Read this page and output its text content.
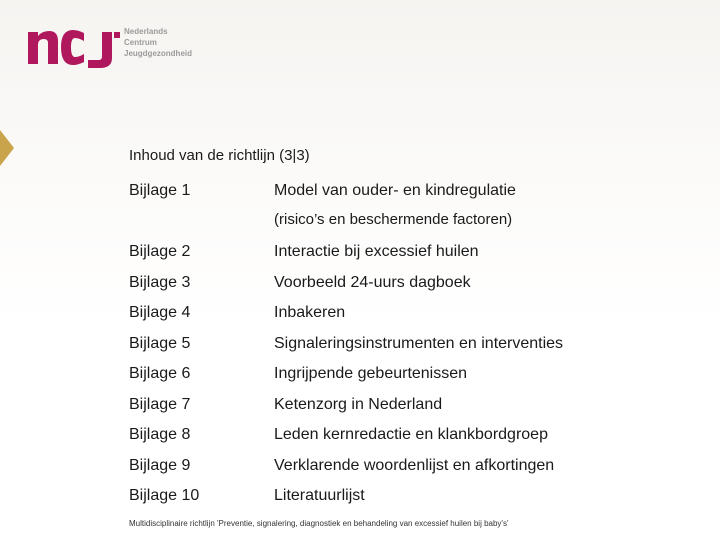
Nederlands
Centrum
Jeugdgezondheid
Inhoud van de richtlijn (3|3)
Bijlage 1	Model van ouder- en kindregulatie
(risico’s en beschermende factoren)
Bijlage 2	Interactie bij excessief huilen
Bijlage 3	Voorbeeld 24-uurs dagboek
Bijlage 4	Inbakeren
Bijlage 5	Signaleringsinstrumenten en interventies
Bijlage 6	Ingrijpende gebeurtenissen
Bijlage 7	Ketenzorg in Nederland
Bijlage 8	Leden kernredactie en klankbordgroep
Bijlage 9	Verklarende woordenlijst en afkortingen
Bijlage 10	Literatuurlijst
Multidisciplinaire richtlijn 'Preventie, signalering, diagnostiek en behandeling van excessief huilen bij baby's'
